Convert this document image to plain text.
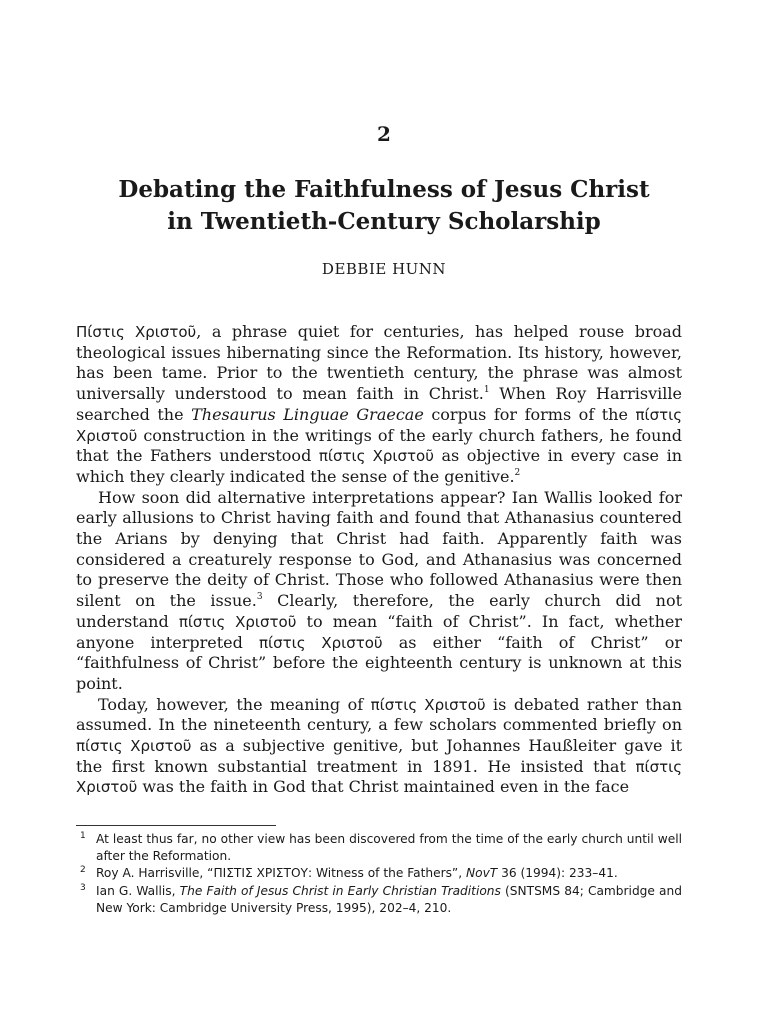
2
Debating the Faithfulness of Jesus Christ
in Twentieth-Century Scholarship
DEBBIE HUNN

Πίστις Χριστοῦ, a phrase quiet for centuries, has helped rouse broad theological issues hibernating since the Reformation. Its history, however, has been tame. Prior to the twentieth century, the phrase was almost universally understood to mean faith in Christ.$^1$ When Roy Harrisville searched the Thesaurus Linguae Graecae corpus for forms of the πίστις Χριστοῦ construction in the writings of the early church fathers, he found that the Fathers understood πίστις Χριστοῦ as objective in every case in which they clearly indicated the sense of the genitive.$^2$

How soon did alternative interpretations appear? Ian Wallis looked for early allusions to Christ having faith and found that Athanasius countered the Arians by denying that Christ had faith. Apparently faith was considered a creaturely response to God, and Athanasius was concerned to preserve the deity of Christ. Those who followed Athanasius were then silent on the issue.$^3$ Clearly, therefore, the early church did not understand πίστις Χριστοῦ to mean “faith of Christ”. In fact, whether anyone interpreted πίστις Χριστοῦ as either “faith of Christ” or “faithfulness of Christ” before the eighteenth century is unknown at this point.

Today, however, the meaning of πίστις Χριστοῦ is debated rather than assumed. In the nineteenth century, a few scholars commented briefly on πίστις Χριστοῦ as a subjective genitive, but Johannes Haußleiter gave it the first known substantial treatment in 1891. He insisted that πίστις Χριστοῦ was the faith in God that Christ maintained even in the face

1 At least thus far, no other view has been discovered from the time of the early church until well after the Reformation.

2 Roy A. Harrisville, “ΠΙΣΤΙΣ ΧΡΙΣΤΟΥ: Witness of the Fathers”, NovT 36 (1994): 233–41.

3 Ian G. Wallis, The Faith of Jesus Christ in Early Christian Traditions (SNTSMS 84; Cambridge and New York: Cambridge University Press, 1995), 202–4, 210.
